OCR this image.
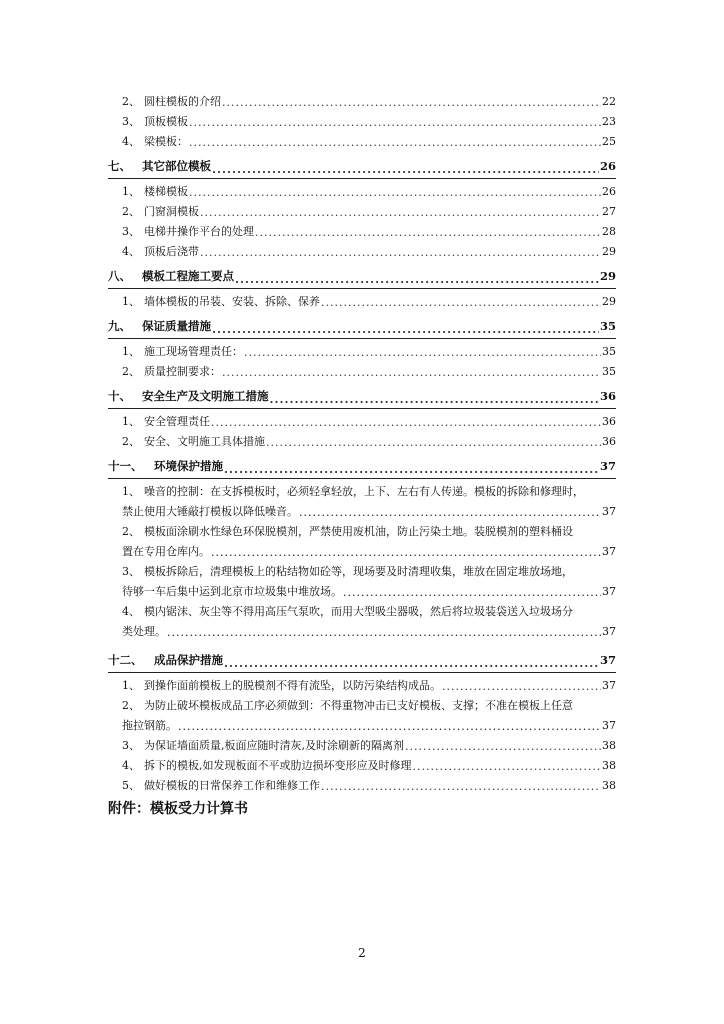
2、 圆柱模板的介绍 .....	22
3、 顶板模板 .....	23
4、 梁模板： .....	25
七、 其它部位模板 .....	26
1、 楼梯模板 .....	26
2、 门窗洞模板 .....	27
3、 电梯井操作平台的处理 .....	28
4、 顶板后浇带 .....	29
八、 模板工程施工要点 .....	29
1、 墙体模板的吊装、安装、拆除、保养 .....	29
九、 保证质量措施 .....	35
1、 施工现场管理责任： .....	35
2、 质量控制要求： .....	35
十、 安全生产及文明施工措施 .....	36
1、 安全管理责任 .....	36
2、 安全、文明施工具体措施 .....	36
十一、	环境保护措施 .....	37
1、 噪音的控制：在支拆模板时，必须轻拿轻放，上下、左右有人传递。模板的拆除和修理时，
禁止使用大锤敲打模板以降低噪音。 .....	37
2、 模板面涂刷水性绿色环保脱模剂，严禁使用废机油，防止污染土地。装脱模剂的塑料桶设
置在专用仓库内。 .....	37
3、 模板拆除后，清理模板上的粘结物如砼等，现场要及时清理收集，堆放在固定堆放场地，
待够一车后集中运到北京市垃圾集中堆放场。 .....	37
4、 模内锯沫、灰尘等不得用高压气泵吹，而用大型吸尘器吸，然后将垃圾装袋送入垃圾场分
类处理。 .....	37
十二、	成品保护措施 .....	37
1、 到操作面前模板上的脱模剂不得有流坠，以防污染结构成品。 .....	37
2、 为防止破坏模板成品工序必须做到：不得重物冲击已支好模板、支撑；不准在模板上任意
拖拉钢筋。 .....	37
3、 为保证墙面质量,板面应随时清灰,及时涂刷新的隔离剂 .....	38
4、 拆下的模板,如发现板面不平或肋边损坏变形应及时修理 .....	38
5、 做好模板的日常保养工作和维修工作 .....	38
附件：模板受力计算书
2
